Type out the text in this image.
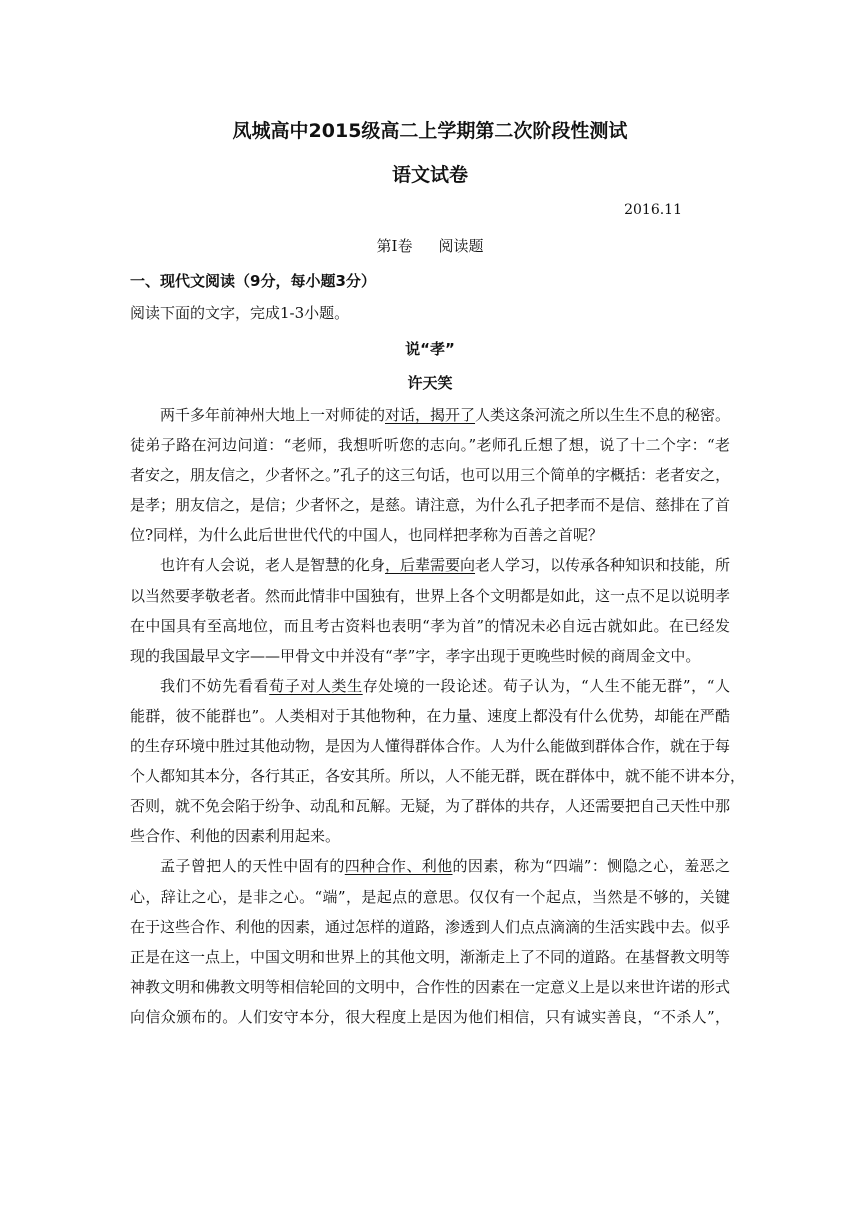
凤城高中2015级高二上学期第二次阶段性测试
语文试卷
2016.11
第Ⅰ卷 阅读题
一、现代文阅读（9分，每小题3分）
阅读下面的文字，完成1-3小题。
说“孝”
许天笑
两千多年前神州大地上一对师徒的对话，揭开了人类这条河流之所以生生不息的秘密。
徒弟子路在河边问道：“老师，我想听听您的志向。”老师孔丘想了想，说了十二个字：“老
者安之，朋友信之，少者怀之。”孔子的这三句话，也可以用三个简单的字概括：老者安之，
是孝；朋友信之，是信；少者怀之，是慈。请注意，为什么孔子把孝而不是信、慈排在了首
位?同样，为什么此后世世代代的中国人，也同样把孝称为百善之首呢？
也许有人会说，老人是智慧的化身，后辈需要向老人学习，以传承各种知识和技能，所
以当然要孝敬老者。然而此情非中国独有，世界上各个文明都是如此，这一点不足以说明孝
在中国具有至高地位，而且考古资料也表明“孝为首”的情况未必自远古就如此。在已经发
现的我国最早文字——甲骨文中并没有“孝”字，孝字出现于更晚些时候的商周金文中。
我们不妨先看看荀子对人类生存处境的一段论述。荀子认为，“人生不能无群”，“人
能群，彼不能群也”。人类相对于其他物种，在力量、速度上都没有什么优势，却能在严酷
的生存环境中胜过其他动物，是因为人懂得群体合作。人为什么能做到群体合作，就在于每
个人都知其本分，各行其正，各安其所。所以，人不能无群，既在群体中，就不能不讲本分，
否则，就不免会陷于纷争、动乱和瓦解。无疑，为了群体的共存，人还需要把自己天性中那
些合作、利他的因素利用起来。
孟子曾把人的天性中固有的四种合作、利他的因素，称为“四端”：恻隐之心，羞恶之
心，辞让之心，是非之心。“端”，是起点的意思。仅仅有一个起点，当然是不够的，关键
在于这些合作、利他的因素，通过怎样的道路，渗透到人们点点滴滴的生活实践中去。似乎
正是在这一点上，中国文明和世界上的其他文明，渐渐走上了不同的道路。在基督教文明等
神教文明和佛教文明等相信轮回的文明中，合作性的因素在一定意义上是以来世许诺的形式
向信众颁布的。人们安守本分，很大程度上是因为他们相信，只有诚实善良，“不杀人”，
